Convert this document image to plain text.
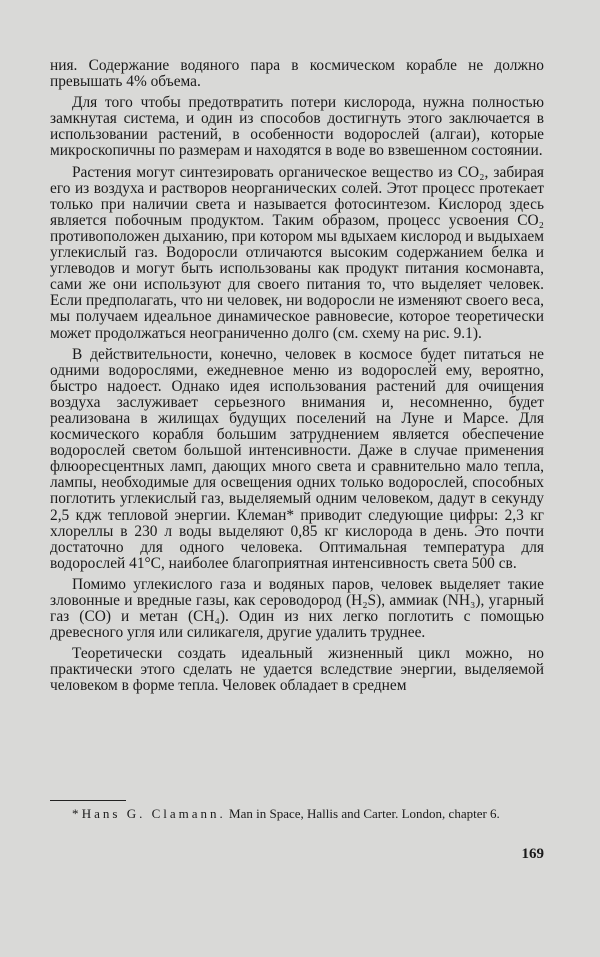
ния. Содержание водяного пара в космическом корабле не должно превышать 4% объема.

Для того чтобы предотвратить потери кислорода, нужна полностью замкнутая система, и один из способов достигнуть этого заключается в использовании растений, в особенности водорослей (алгаи), которые микроскопичны по размерам и находятся в воде во взвешенном состоянии.

Растения могут синтезировать органическое вещество из CO₂, забирая его из воздуха и растворов неорганических солей. Этот процесс протекает только при наличии света и называется фотосинтезом. Кислород здесь является побочным продуктом. Таким образом, процесс усвоения CO₂ противоположен дыханию, при котором мы вдыхаем кислород и выдыхаем углекислый газ. Водоросли отличаются высоким содержанием белка и углеводов и могут быть использованы как продукт питания космонавта, сами же они используют для своего питания то, что выделяет человек. Если предполагать, что ни человек, ни водоросли не изменяют своего веса, мы получаем идеальное динамическое равновесие, которое теоретически может продолжаться неограниченно долго (см. схему на рис. 9.1).

В действительности, конечно, человек в космосе будет питаться не одними водорослями, ежедневное меню из водорослей ему, вероятно, быстро надоест. Однако идея использования растений для очищения воздуха заслуживает серьезного внимания и, несомненно, будет реализована в жилищах будущих поселений на Луне и Марсе. Для космического корабля большим затруднением является обеспечение водорослей светом большой интенсивности. Даже в случае применения флюоресцентных ламп, дающих много света и сравнительно мало тепла, лампы, необходимые для освещения одних только водорослей, способных поглотить углекислый газ, выделяемый одним человеком, дадут в секунду 2,5 кдж тепловой энергии. Клеман* приводит следующие цифры: 2,3 кг хлореллы в 230 л воды выделяют 0,85 кг кислорода в день. Это почти достаточно для одного человека. Оптимальная температура для водорослей 41°C, наиболее благоприятная интенсивность света 500 св.

Помимо углекислого газа и водяных паров, человек выделяет такие зловонные и вредные газы, как сероводород (H₂S), аммиак (NH₃), угарный газ (CO) и метан (CH₄). Один из них легко поглотить с помощью древесного угля или силикагеля, другие удалить труднее.

Теоретически создать идеальный жизненный цикл можно, но практически этого сделать не удается вследствие энергии, выделяемой человеком в форме тепла. Человек обладает в среднем

* Hans G. Clamann. Man in Space, Hallis and Carter. London, chapter 6.
169
